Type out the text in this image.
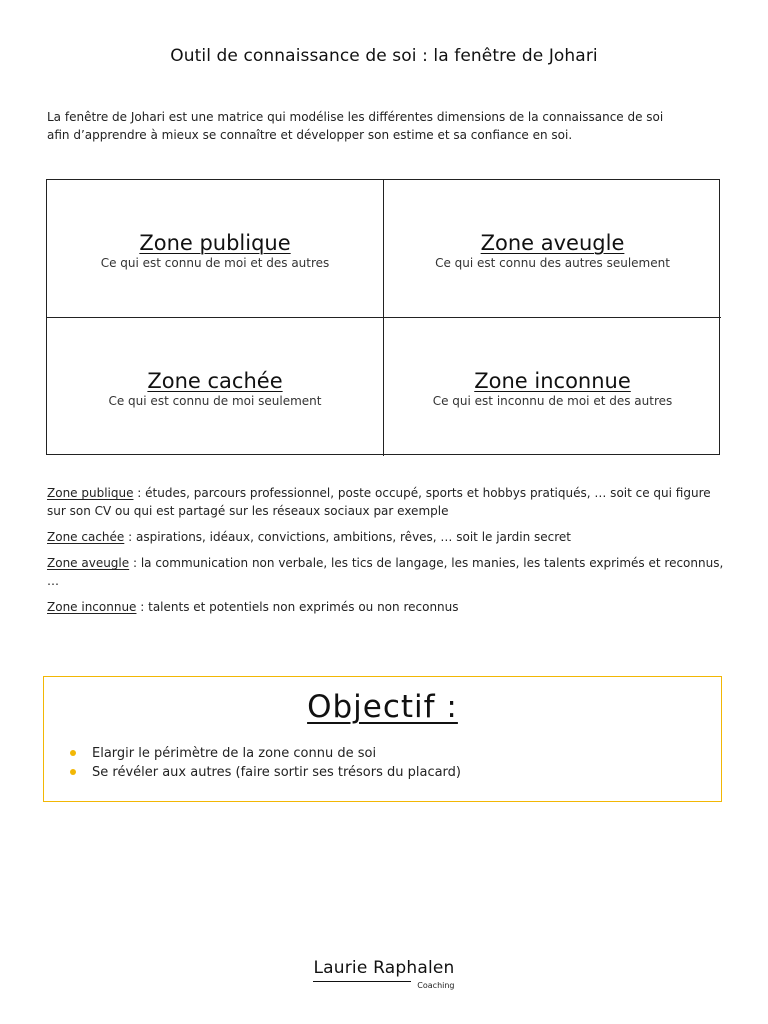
Outil de connaissance de soi : la fenêtre de Johari

La fenêtre de Johari est une matrice qui modélise les différentes dimensions de la connaissance de soi

afin d’apprendre à mieux se connaître et développer son estime et sa confiance en soi.

Zone publique
Ce qui est connu de moi et des autres
Zone aveugle
Ce qui est connu des autres seulement
Zone cachée
Ce qui est connu de moi seulement
Zone inconnue
Ce qui est inconnu de moi et des autres

Zone publique : études, parcours professionnel, poste occupé, sports et hobbys pratiqués, … soit ce qui figure sur son CV ou qui est partagé sur les réseaux sociaux par exemple

Zone cachée : aspirations, idéaux, convictions, ambitions, rêves, … soit le jardin secret

Zone aveugle : la communication non verbale, les tics de langage, les manies, les talents exprimés et reconnus, …

Zone inconnue : talents et potentiels non exprimés ou non reconnus

Objectif :
Elargir le périmètre de la zone connu de soi
Se révéler aux autres (faire sortir ses trésors du placard)
Laurie Raphalen
Coaching
